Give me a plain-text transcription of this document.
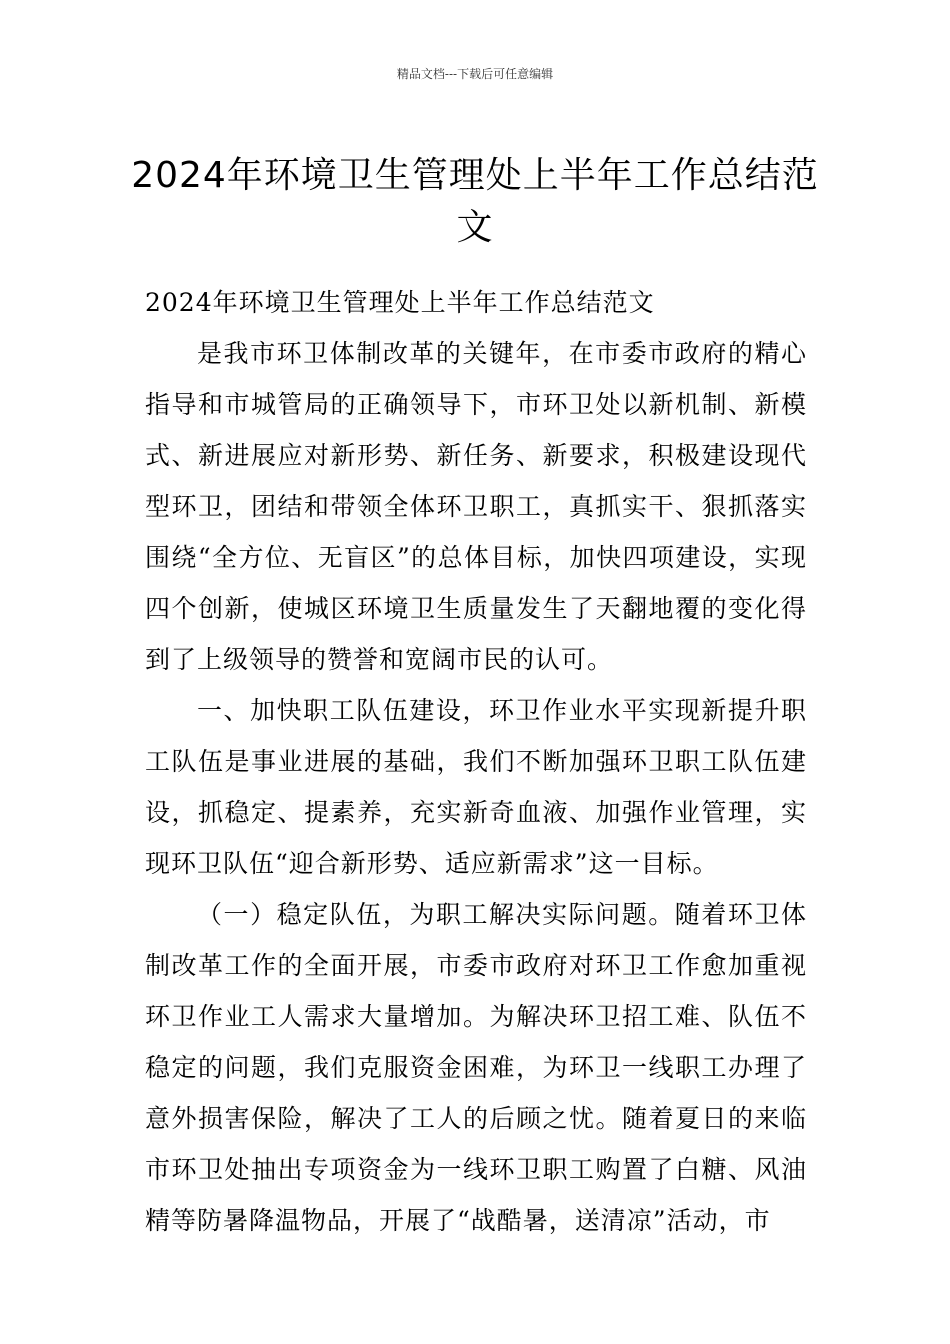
精品文档---下载后可任意编辑
2024年环境卫生管理处上半年工作总结范文

2024年环境卫生管理处上半年工作总结范文

是我市环卫体制改革的关键年，在市委市政府的精心指导和市城管局的正确领导下，市环卫处以新机制、新模式、新进展应对新形势、新任务、新要求，积极建设现代型环卫，团结和带领全体环卫职工，真抓实干、狠抓落实围绕“全方位、无盲区”的总体目标，加快四项建设，实现四个创新，使城区环境卫生质量发生了天翻地覆的变化得到了上级领导的赞誉和宽阔市民的认可。

一、加快职工队伍建设，环卫作业水平实现新提升职工队伍是事业进展的基础，我们不断加强环卫职工队伍建设，抓稳定、提素养，充实新奇血液、加强作业管理，实现环卫队伍“迎合新形势、适应新需求”这一目标。

（一）稳定队伍，为职工解决实际问题。随着环卫体制改革工作的全面开展，市委市政府对环卫工作愈加重视环卫作业工人需求大量增加。为解决环卫招工难、队伍不稳定的问题，我们克服资金困难，为环卫一线职工办理了意外损害保险，解决了工人的后顾之忧。随着夏日的来临市环卫处抽出专项资金为一线环卫职工购置了白糖、风油精等防暑降温物品，开展了“战酷暑，送清凉”活动，市
